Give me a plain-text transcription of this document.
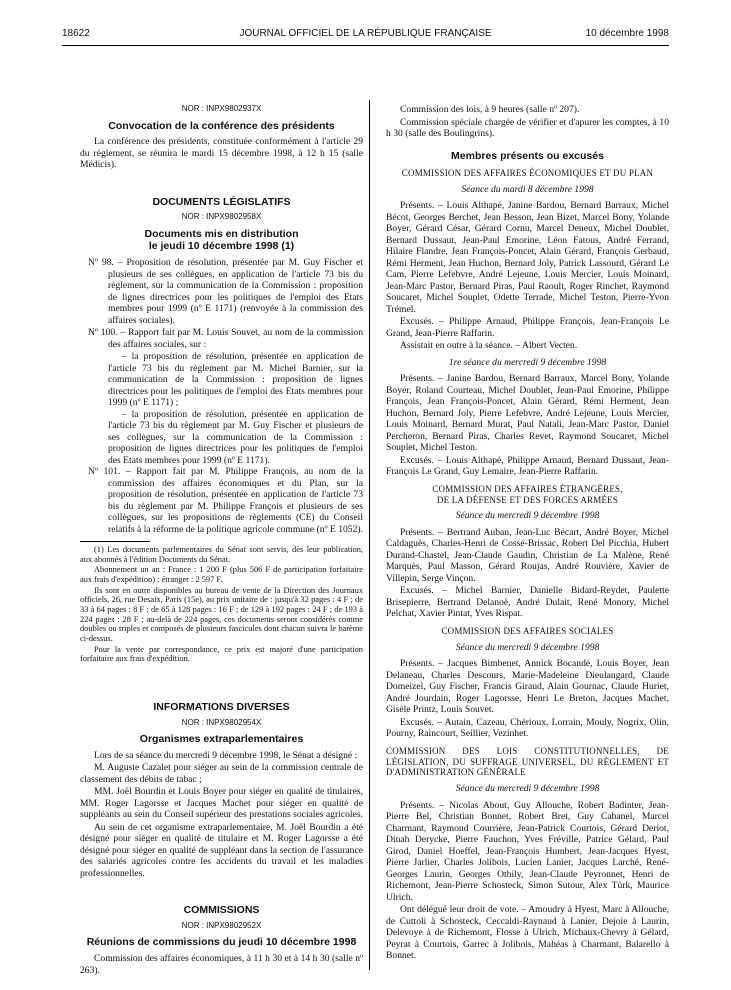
18622	JOURNAL OFFICIEL DE LA RÉPUBLIQUE FRANÇAISE	10 décembre 1998
NOR : INPX9802937X
Convocation de la conférence des présidents

La conférence des présidents, constituée conformément à l'article 29 du règlement, se réunira le mardi 15 décembre 1998, à 12 h 15 (salle Médicis).

DOCUMENTS LÉGISLATIFS
NOR : INPX9802958X
Documents mis en distribution
le jeudi 10 décembre 1998 (1)

Nº 98. – Proposition de résolution, présentée par M. Guy Fischer et plusieurs de ses collègues, en application de l'article 73 bis du règlement, sur la communication de la Commission : proposition de lignes directrices pour les politiques de l'emploi des Etats membres pour 1999 (nº E 1171) (renvoyée à la commission des affaires sociales).

Nº 100. – Rapport fait par M. Louis Souvet, au nom de la commission des affaires sociales, sur :

– la proposition de résolution, présentée en application de l'article 73 bis du règlement par M. Michel Barnier, sur la communication de la Commission : proposition de lignes directrices pour les politiques de l'emploi des Etats membres pour 1999 (nº E 1171) ;

– la proposition de résolution, présentée en application de l'article 73 bis du règlement par M. Guy Fischer et plusieurs de ses collègues, sur la communication de la Commission : proposition de lignes directrices pour les politiques de l'emploi des Etats membres pour 1999 (nº E 1171).

Nº 101. – Rapport fait par M. Philippe François, au nom de la commission des affaires économiques et du Plan, sur la proposition de résolution, présentée en application de l'article 73 bis du règlement par M. Philippe François et plusieurs de ses collègues, sur les propositions de règlements (CE) du Conseil relatifs à la réforme de la politique agricole commune (nº E 1052).

(1) Les documents parlementaires du Sénat sont servis, dès leur publication, aux abonnés à l'édition Documents du Sénat.

Abonnement un an : France : 1 200 F (plus 506 F de participation forfaitaire aux frais d'expédition) ; étranger : 2 597 F.

Ils sont en outre disponibles au bureau de vente de la Direction des Journaux officiels, 26, rue Desaix, Paris (15e), au prix unitaire de : jusqu'à 32 pages : 4 F ; de 33 à 64 pages : 8 F ; de 65 à 128 pages : 16 F ; de 129 à 192 pages : 24 F ; de 193 à 224 pages : 28 F ; au-delà de 224 pages, ces documents seront considérés comme doubles ou triples et composés de plusieurs fascicules dont chacun suivra le barème ci-dessus.

Pour la vente par correspondance, ce prix est majoré d'une participation forfaitaire aux frais d'expédition.

INFORMATIONS DIVERSES
NOR : INPX9802954X
Organismes extraparlementaires

Lors de sa séance du mercredi 9 décembre 1998, le Sénat a désigné :

M. Auguste Cazalet pour siéger au sein de la commission centrale de classement des débits de tabac ;

MM. Joël Bourdin et Louis Boyer pour siéger en qualité de titulaires, MM. Roger Lagorsse et Jacques Machet pour siéger en qualité de suppléants au sein du Conseil supérieur des prestations sociales agricoles.

Au sein de cet organisme extraparlementaire, M. Joël Bourdin a été désigné pour siéger en qualité de titulaire et M. Roger Lagorsse a été désigné pour siéger en qualité de suppléant dans la section de l'assurance des salariés agricoles contre les accidents du travail et les maladies professionnelles.

COMMISSIONS
NOR : INPX9802952X
Réunions de commissions du jeudi 10 décembre 1998

Commission des affaires économiques, à 11 h 30 et à 14 h 30 (salle nº 263).

Commission des lois, à 9 heures (salle nº 207).

Commission spéciale chargée de vérifier et d'apurer les comptes, à 10 h 30 (salle des Boulingrins).

Membres présents ou excusés
COMMISSION DES AFFAIRES ÉCONOMIQUES ET DU PLAN
Séance du mardi 8 décembre 1998

Présents. – Louis Althapé, Janine Bardou, Bernard Barraux, Michel Bécot, Georges Berchet, Jean Besson, Jean Bizet, Marcel Bony, Yolande Boyer, Gérard César, Gérard Cornu, Marcel Deneux, Michel Doublet, Bernard Dussaut, Jean-Paul Emorine, Léon Fatous, André Ferrand, Hilaire Flandre, Jean François-Poncet, Alain Gérard, François Gerbaud, Rémi Herment, Jean Huchon, Bernard Joly, Patrick Lassourd, Gérard Le Cam, Pierre Lefebvre, André Lejeune, Louis Mercier, Louis Moinard, Jean-Marc Pastor, Bernard Piras, Paul Raoult, Roger Rinchet, Raymond Soucaret, Michel Souplet, Odette Terrade, Michel Teston, Pierre-Yvon Trémel.

Excusés. – Philippe Arnaud, Philippe François, Jean-François Le Grand, Jean-Pierre Raffarin.

Assistait en outre à la séance. – Albert Vecten.

1re séance du mercredi 9 décembre 1998

Présents. – Janine Bardou, Bernard Barraux, Marcel Bony, Yolande Boyer, Roland Courteau, Michel Doublet, Jean-Paul Emorine, Philippe François, Jean François-Poncet, Alain Gérard, Rémi Herment, Jean Huchon, Bernard Joly, Pierre Lefebvre, André Lejeune, Louis Mercier, Louis Moinard, Bernard Murat, Paul Natali, Jean-Marc Pastor, Daniel Percheron, Bernard Piras, Charles Revet, Raymond Soucaret, Michel Souplet, Michel Teston.

Excusés. – Louis Althapé, Philippe Arnaud, Bernard Dussaut, Jean-François Le Grand, Guy Lemaire, Jean-Pierre Raffarin.

COMMISSION DES AFFAIRES ÉTRANGÈRES,
DE LA DÉFENSE ET DES FORCES ARMÉES
Séance du mercredi 9 décembre 1998

Présents. – Bertrand Auban, Jean-Luc Bécart, André Boyer, Michel Caldaguès, Charles-Henri de Cossé-Brissac, Robert Del Picchia, Hubert Durand-Chastel, Jean-Claude Gaudin, Christian de La Malène, René Marquès, Paul Masson, Gérard Roujas, André Rouvière, Xavier de Villepin, Serge Vinçon.

Excusés. – Michel Barnier, Danielle Bidard-Reydet, Paulette Brisepierre, Bertrand Delanoë, André Dulait, René Monory, Michel Pelchat, Xavier Pintat, Yves Rispat.

COMMISSION DES AFFAIRES SOCIALES
Séance du mercredi 9 décembre 1998

Présents. – Jacques Bimbenet, Annick Bocandé, Louis Boyer, Jean Delaneau, Charles Descours, Marie-Madeleine Dieulangard, Claude Domeizel, Guy Fischer, Francis Giraud, Alain Gournac, Claude Huriet, André Jourdain, Roger Lagorsse, Henri Le Breton, Jacques Machet, Gisèle Printz, Louis Souvet.

Excusés. – Autain, Cazeau, Chérioux, Lorrain, Mouly, Nogrix, Olin, Pourny, Raincourt, Seillier, Vezinhet.

COMMISSION DES LOIS CONSTITUTIONNELLES, DE LÉGISLATION, DU SUFFRAGE UNIVERSEL, DU RÈGLEMENT ET D'ADMINISTRATION GÉNÉRALE
Séance du mercredi 9 décembre 1998

Présents. – Nicolas About, Guy Allouche, Robert Badinter, Jean-Pierre Bel, Christian Bonnet, Robert Bret, Guy Cabanel, Marcel Charmant, Raymond Courrière, Jean-Patrick Courtois, Gérard Deriot, Dinah Derycke, Pierre Fauchon, Yves Fréville, Patrice Gélard, Paul Girod, Daniel Hoeffel, Jean-François Humbert, Jean-Jacques Hyest, Pierre Jarlier, Charles Jolibois, Lucien Lanier, Jacques Larché, René-Georges Laurin, Georges Othily, Jean-Claude Peyronnet, Henri de Richemont, Jean-Pierre Schosteck, Simon Sutour, Alex Türk, Maurice Ulrich.

Ont délégué leur droit de vote. – Amoudry à Hyest, Marc à Allouche, de Cuttoli à Schosteck, Ceccaldi-Raynaud à Lanier, Dejoie à Laurin, Delevoye à de Richemont, Flosse à Ulrich, Michaux-Chevry à Gélard, Peyrat à Courtois, Garrec à Jolibois, Mahéas à Charmant, Balarello à Bonnet.
